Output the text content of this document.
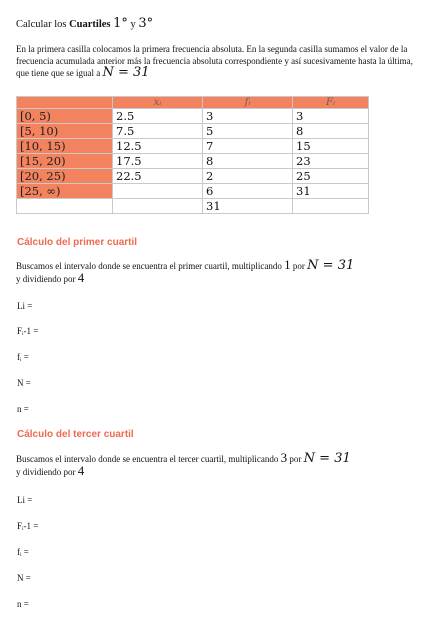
Calcular los Cuartiles 1° y 3°
En la primera casilla colocamos la primera frecuencia absoluta. En la segunda casilla sumamos el valor de la frecuencia acumulada anterior más la frecuencia absoluta correspondiente y así sucesivamente hasta la última, que tiene que se igual a N = 31
	xᵢ	fᵢ	Fᵢ
[0, 5)	2.5	3	3
[5, 10)	7.5	5	8
[10, 15)	12.5	7	15
[15, 20)	17.5	8	23
[20, 25)	22.5	2	25
[25, ∞)		6	31
		31	
Cálculo del primer cuartil
Buscamos el intervalo donde se encuentra el primer cuartil, multiplicando 1 por N = 31
y dividiendo por 4
Li =
Fᵢ-1 =
fᵢ =
N =
n =
Cálculo del tercer cuartil
Buscamos el intervalo donde se encuentra el tercer cuartil, multiplicando 3 por N = 31
y dividiendo por 4
Li =
Fᵢ-1 =
fᵢ =
N =
n =
